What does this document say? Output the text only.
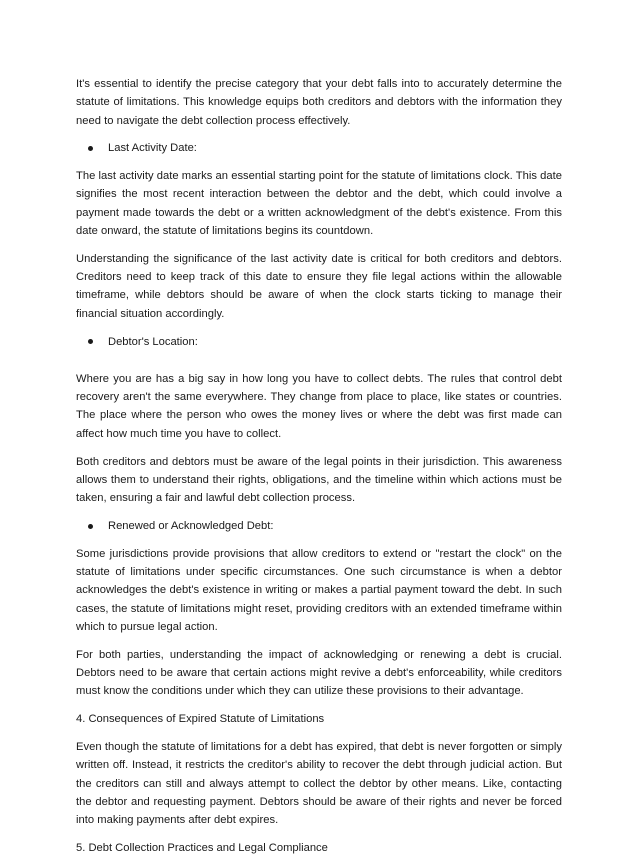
It's essential to identify the precise category that your debt falls into to accurately determine the statute of limitations. This knowledge equips both creditors and debtors with the information they need to navigate the debt collection process effectively.

Last Activity Date:

The last activity date marks an essential starting point for the statute of limitations clock. This date signifies the most recent interaction between the debtor and the debt, which could involve a payment made towards the debt or a written acknowledgment of the debt's existence. From this date onward, the statute of limitations begins its countdown.

Understanding the significance of the last activity date is critical for both creditors and debtors. Creditors need to keep track of this date to ensure they file legal actions within the allowable timeframe, while debtors should be aware of when the clock starts ticking to manage their financial situation accordingly.

Debtor's Location:

Where you are has a big say in how long you have to collect debts. The rules that control debt recovery aren't the same everywhere. They change from place to place, like states or countries. The place where the person who owes the money lives or where the debt was first made can affect how much time you have to collect.

Both creditors and debtors must be aware of the legal points in their jurisdiction. This awareness allows them to understand their rights, obligations, and the timeline within which actions must be taken, ensuring a fair and lawful debt collection process.

Renewed or Acknowledged Debt:

Some jurisdictions provide provisions that allow creditors to extend or "restart the clock" on the statute of limitations under specific circumstances. One such circumstance is when a debtor acknowledges the debt's existence in writing or makes a partial payment toward the debt. In such cases, the statute of limitations might reset, providing creditors with an extended timeframe within which to pursue legal action.

For both parties, understanding the impact of acknowledging or renewing a debt is crucial. Debtors need to be aware that certain actions might revive a debt's enforceability, while creditors must know the conditions under which they can utilize these provisions to their advantage.

4. Consequences of Expired Statute of Limitations

Even though the statute of limitations for a debt has expired, that debt is never forgotten or simply written off. Instead, it restricts the creditor's ability to recover the debt through judicial action. But the creditors can still and always attempt to collect the debtor by other means. Like, contacting the debtor and requesting payment. Debtors should be aware of their rights and never be forced into making payments after debt expires.

5. Debt Collection Practices and Legal Compliance
